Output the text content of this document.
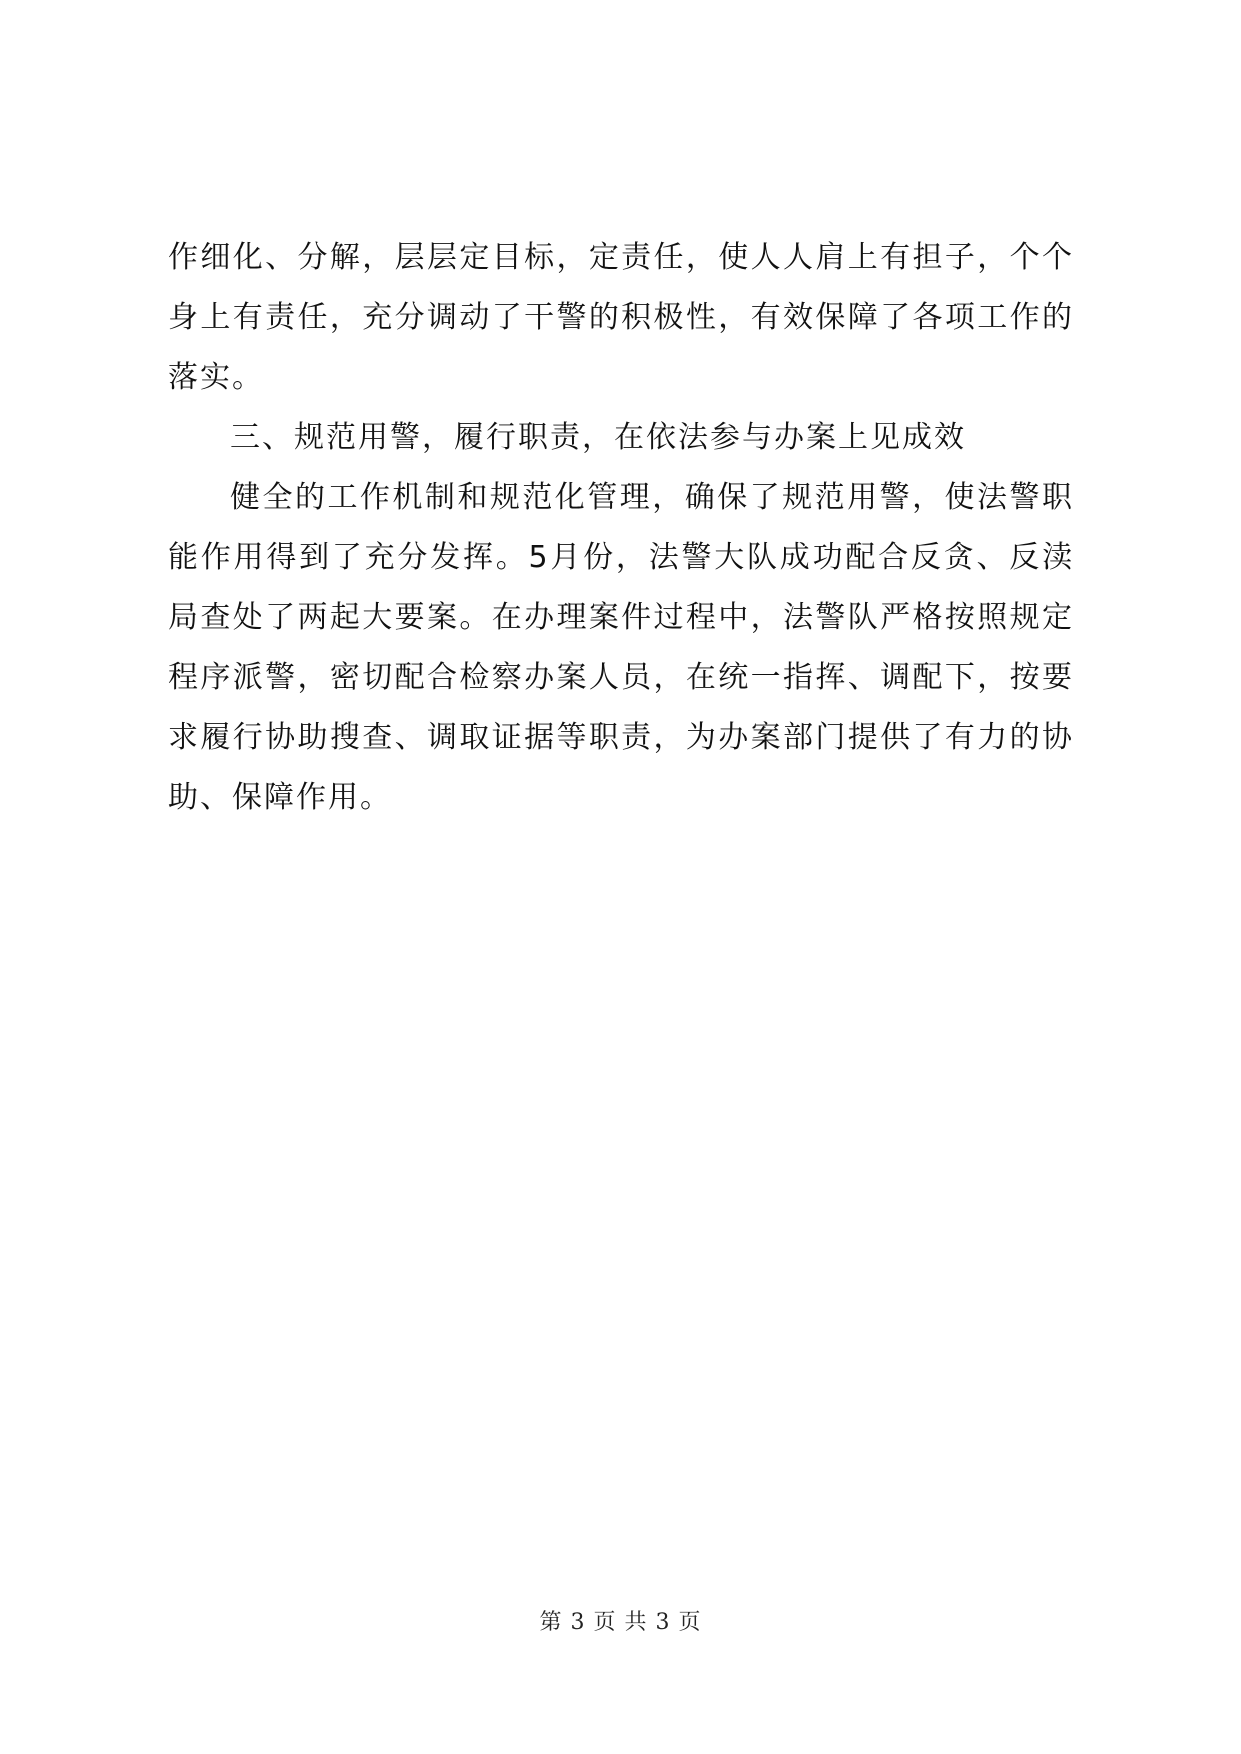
作细化、分解，层层定目标，定责任，使人人肩上有担子，个个
身上有责任，充分调动了干警的积极性，有效保障了各项工作的
落实。
三、规范用警，履行职责，在依法参与办案上见成效
健全的工作机制和规范化管理，确保了规范用警，使法警职
能作用得到了充分发挥。5月份，法警大队成功配合反贪、反渎
局查处了两起大要案。在办理案件过程中，法警队严格按照规定
程序派警，密切配合检察办案人员，在统一指挥、调配下，按要
求履行协助搜查、调取证据等职责，为办案部门提供了有力的协
助、保障作用。
第 3 页 共 3 页
